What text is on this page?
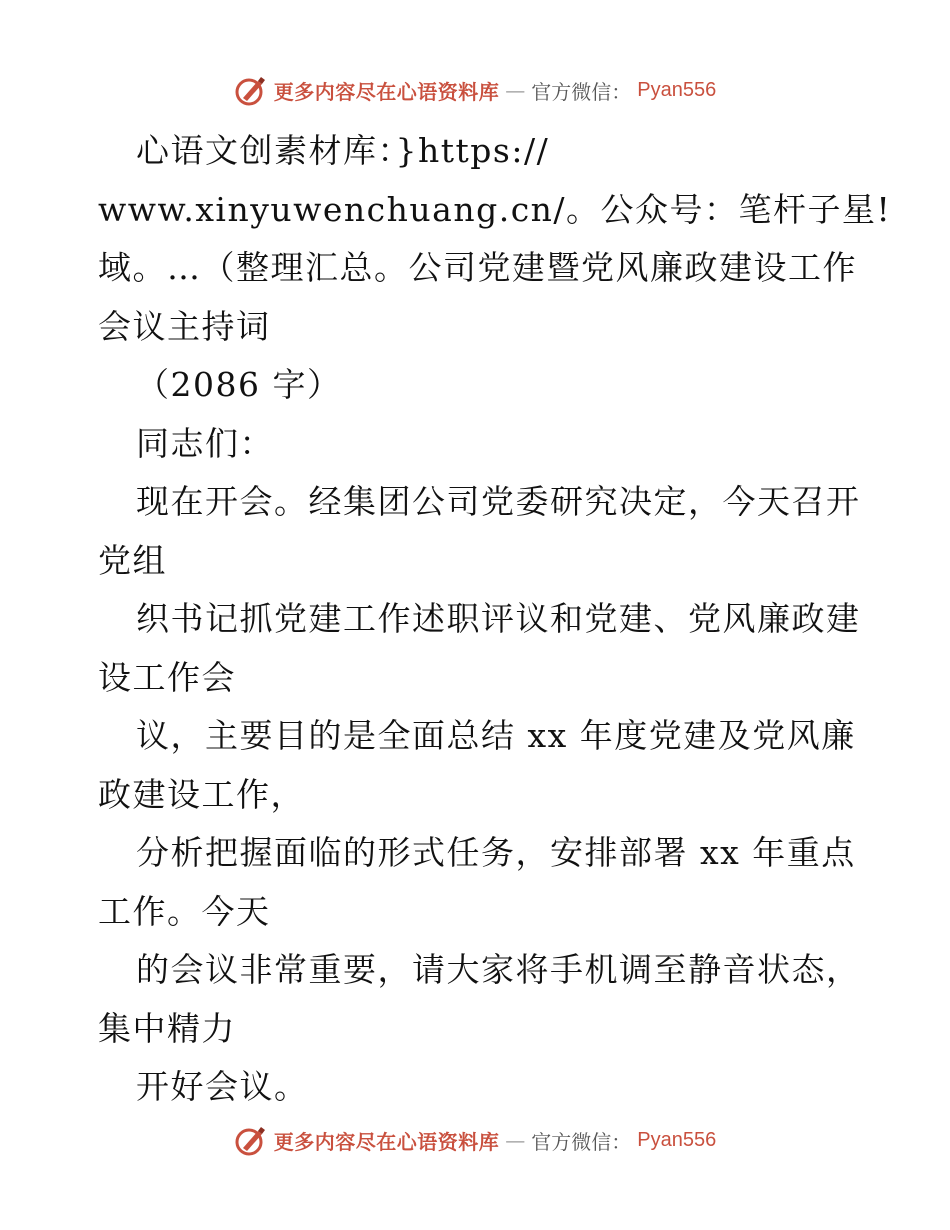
更多内容尽在心语资料库 — 官方微信： Pyan556
心语文创素材库：}https://
www.xinyuwenchuang.cn/。公众号：笔杆子星!
域。…（整理汇总。公司党建暨党风廉政建设工作
会议主持词
（2086 字）
同志们：
现在开会。经集团公司党委研究决定，今天召开
党组
织书记抓党建工作述职评议和党建、党风廉政建
设工作会
议，主要目的是全面总结 xx 年度党建及党风廉
政建设工作，
分析把握面临的形式任务，安排部署 xx 年重点
工作。今天
的会议非常重要，请大家将手机调至静音状态，
集中精力
开好会议。
更多内容尽在心语资料库 — 官方微信： Pyan556
